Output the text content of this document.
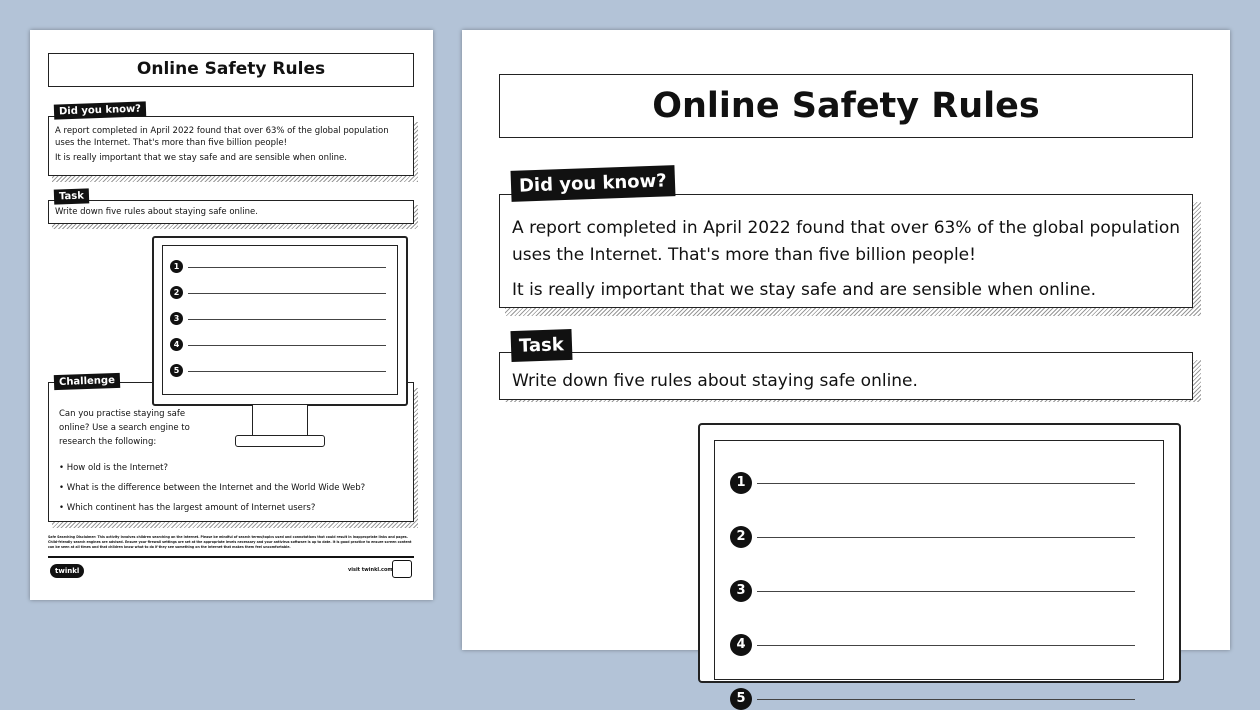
Online Safety Rules
A report completed in April 2022 found that over 63% of the global population uses the Internet. That's more than five billion people!
It is really important that we stay safe and are sensible when online.
Did you know?
Write down five rules about staying safe online.
Task
Can you practise staying safe online? Use a search engine to research the following:
• How old is the Internet?
• What is the difference between the Internet and the World Wide Web?
• Which continent has the largest amount of Internet users?
Challenge
1
2
3
4
5
Safe Searching Disclaimer: This activity involves children searching on the internet. Please be mindful of search terms/topics used and connotations that could result in inappropriate links and pages. Child-friendly search engines are advised. Ensure your firewall settings are set at the appropriate levels necessary and your antivirus software is up to date. It is good practice to ensure screen content can be seen at all times and that children know what to do if they see something on the internet that makes them feel uncomfortable.
twinkl	visit twinkl.com
Online Safety Rules
A report completed in April 2022 found that over 63% of the global population uses the Internet. That's more than five billion people!
It is really important that we stay safe and are sensible when online.
Did you know?
Write down five rules about staying safe online.
Task
1
2
3
4
5
